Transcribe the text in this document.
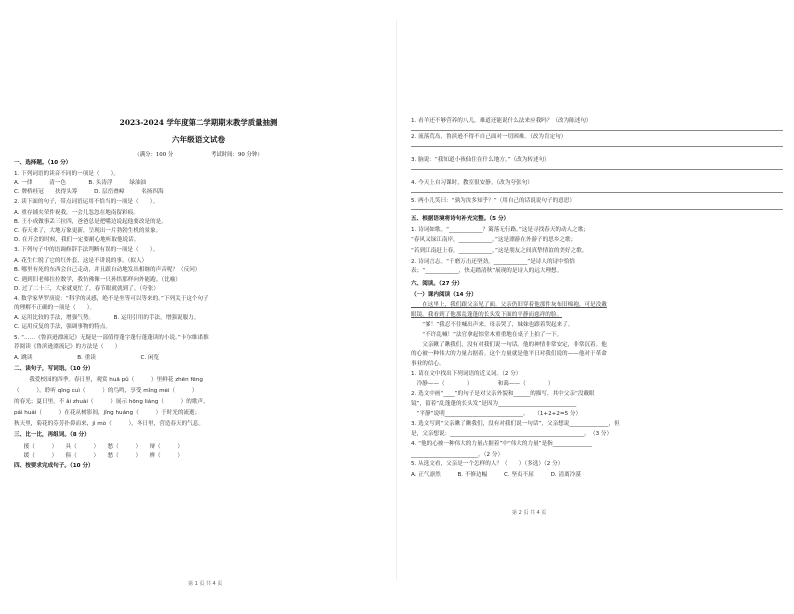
2023-2024 学年度第二学期期末教学质量抽测
六年级语文试卷
（满分：100 分　　　　　　　考试时间：90 分钟）
一、选择题。（10 分）
1. 下列词语的读音不同的一项是（　　）。
A. 一律　　　清一色　　　　B. 头涛浮　　　绿油油
C. 牌桥桂冠　　扶得头筹　　　D. 层峦叠嶂　　　名扬四海
2. 读下面的句子，带点词语运用不恰当的一项是（　　）。
A. 重存铺夹荣件祝我，一会儿忽忽在地南留彩痕。
B. 王小成做事丢三拉四，爸爸总是把嘴边说起他要改是的是。
C. 春天来了，大地万象更新，呈现出一片勃勃生机的景象。
D. 在开会的时候，我们一定要耐心地听取他说话。
3. 下列句子中的语调修辞手法判断有误的一项是（　　）。
A. 花生仁脱了它的红外套，这是不讲说的事。（拟人）
B. 哪里有死的东西会自己走动，并且跟自动地发出相继的声音呢？（反问）
C. 遇到旧老师拄拉数学，我仿佛像一只孙悟那样向外能跑。（比喻）
D. 过了二十三，大家就更忙了，春节眼就就到了。（夸张）
4. 数学家华罗庚说：“科学的灵感，绝不是坐等可以等来的。”下列关于这个句子
的理解不正确的一项是（　　）。
A. 运用比较的手法，增强气势。　　　　B. 运用引用的手法，增强说服力。
C. 运用反复的手法，强调事物的特点。
5. “……《鲁滨逊漂流记》无疑是一部值得蓬字蓬行蓬蓬读的小说。”卡尔维诺推
荐阅读《鲁滨逊漂流记》的方法是（　　）
A. 跳读　　　　　　　　B. 重读　　　　　　　　C. 闲览
二、读句子，写词语。（10 分）
　　我爱校园的四季。春日里，观赏 huā pǔ（　　　）里鲜花 zhēn fēng
（　　　），聆听 qīng cuì（　　　）的鸟鸣，享受 mǐng mèi（　　　）
的春光；夏日里，不 ǎi zhuài（　　　）展示 hōng liáng（　　　）的歌声。
pái huái（　　　）在花从树影间，jǐng huáng（　　　）于时光的流逝；
秋天里，菊花的芬芳扑鼻而来，jì mò（　　　），冬日里，营造春天的气息。
三、比一比，再组词。（8 分）
　援（　　　）　　具（　　　）　　愁（　　　）　　辩（　　　）
　缓（　　　）　　俱（　　　）　　愁（　　　）　　辨（　　　）
四、按要求完成句子。（10 分）
第 1 页 共 4 页
1. 看羊还不够营养的八儿，难道还能说什么法来应我吗？（改为陈述句）
2. 流落荒岛，鲁滨逊不得不自己面对一切困难。（改为肯定句）
3. 脑说：“我知道小孩仙住在什么地方。”（改为转述句）
4. 今天上自习课时，教室很安静。（改为夸张句）
5. 两小儿笑曰：“孰为汝多知乎？”（用自己的话说说句子的意思）
五、根据语境将诗句补充完整。（5 分）
1. 诗词如歌。“____________？篱落无行路。”这是寻找春天的动人之歌；
“春风又绿江南岸，____________。”这是漂游在外游子的思乡之歌；
“若到江南赶上春，____________。”这是朋友之间真挚情谊的美好之歌。
2. 诗词言志。“千磨万击还坚劲，____________”是诗人的诗中恰恰
表；“____________，快走踏清秋”展现的是诗人的远大理想。
六、阅读。（27 分）
（一）课内阅读（14 分）
　　在这里上，我们跟父亲见了面。父亲仍旧穿着他那件灰布旧棉袍，可是没戴
眼镜。我看到了他那乱蓬蓬的长头发下面的平静而慈祥的脸。
　　“爹！”我忍不住喊出声来。母亲哭了，妹妹也跟着哭起来了。
　　“不许乱喊！”法官拿起惊堂木重重地在桌子上拍了一下。
　　父亲瞅了瞅我们，没有对我们说一句话。他的神情非常安定，非常沉着。他
的心被一种伟大的力量占据着。这个力量就是他平日对我们说的——他对于革命
事业的信心。
1. 请在文中找出下列词语的近义词。（2 分）
　冷静——（　　　　）　　　　　和蔼——（　　　　）
2. 选文中画“____”的句子是对父亲外貌和______的描写，其中父亲“没戴眼
镜”，留着“乱蓬蓬的长头发”是因为____________________________
　“平静”说明____________________________。　　（1+2+2=5 分）
3. 选文写到“父亲瞅了瞅我们，没有对我们说一句话”，父亲想说______________，但
是，父亲想说：________________________________________________。　（3 分）
4. “他的心被一种伟大的力量占据着”中“伟大的力量”是指______________
________________________。（2 分）
5. 从选文看，父亲是一个怎样的人？（　　）（多选）（2 分）
A. 正气凛然　　　B. 不修边幅　　　C. 坚贞不屈　　　D. 清离冷漠
第 2 页 共 4 页
